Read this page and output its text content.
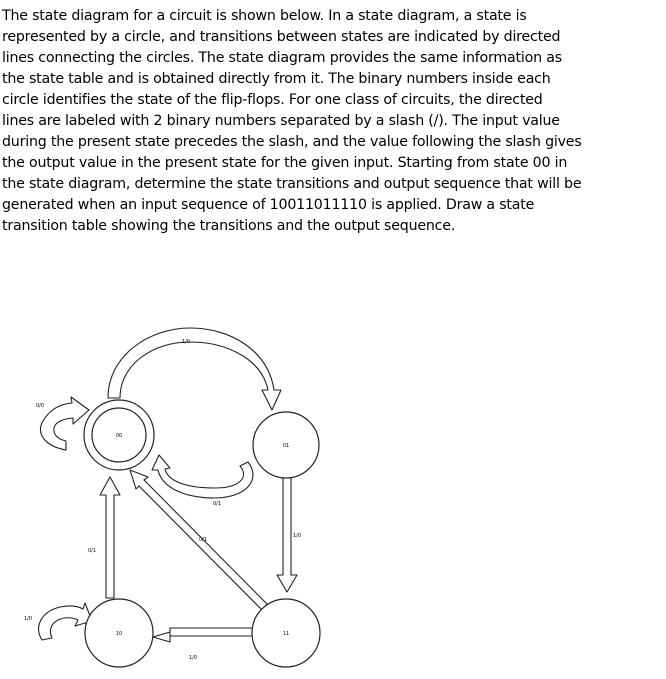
The state diagram for a circuit is shown below. In a state diagram, a state is
represented by a circle, and transitions between states are indicated by directed
lines connecting the circles. The state diagram provides the same information as
the state table and is obtained directly from it. The binary numbers inside each
circle identifies the state of the flip-flops. For one class of circuits, the directed
lines are labeled with 2 binary numbers separated by a slash (/). The input value
during the present state precedes the slash, and the value following the slash gives
the output value in the present state for the given input. Starting from state 00 in
the state diagram, determine the state transitions and output sequence that will be
generated when an input sequence of 10011011110 is applied. Draw a state
transition table showing the transitions and the output sequence.
00
01
10	11
0/0
1/0
0/1
1/0
0/1
1/0
0/1
1/0
